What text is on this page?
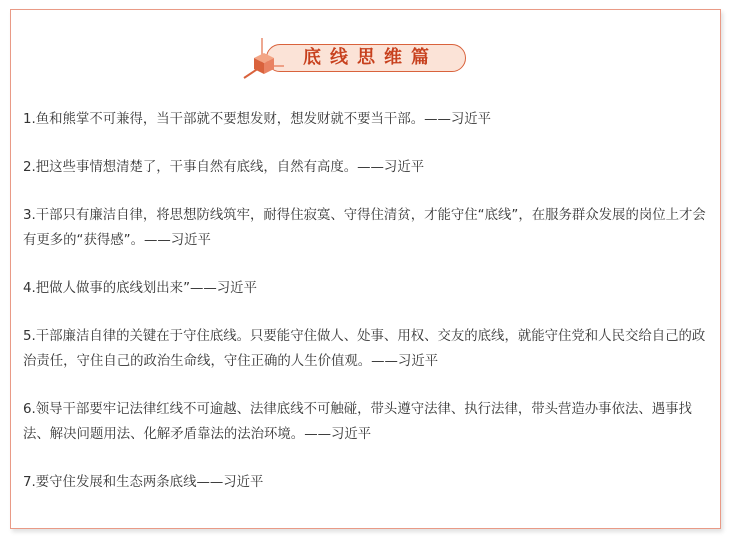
底线思维篇

1.鱼和熊掌不可兼得，当干部就不要想发财，想发财就不要当干部。——习近平

2.把这些事情想清楚了，干事自然有底线，自然有高度。——习近平

3.干部只有廉洁自律，将思想防线筑牢，耐得住寂寞、守得住清贫，才能守住“底线”，在服务群众发展的岗位上才会有更多的“获得感”。——习近平

4.把做人做事的底线划出来”——习近平

5.干部廉洁自律的关键在于守住底线。只要能守住做人、处事、用权、交友的底线，就能守住党和人民交给自己的政治责任，守住自己的政治生命线，守住正确的人生价值观。——习近平

6.领导干部要牢记法律红线不可逾越、法律底线不可触碰，带头遵守法律、执行法律，带头营造办事依法、遇事找法、解决问题用法、化解矛盾靠法的法治环境。——习近平

7.要守住发展和生态两条底线——习近平
